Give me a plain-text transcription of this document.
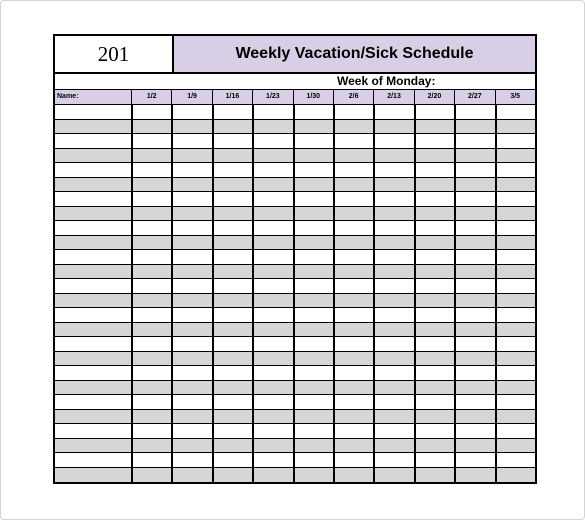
201	Weekly Vacation/Sick Schedule
Week of Monday:
Name:	1/2	1/9	1/16	1/23	1/30	2/6	2/13	2/20	2/27	3/5
